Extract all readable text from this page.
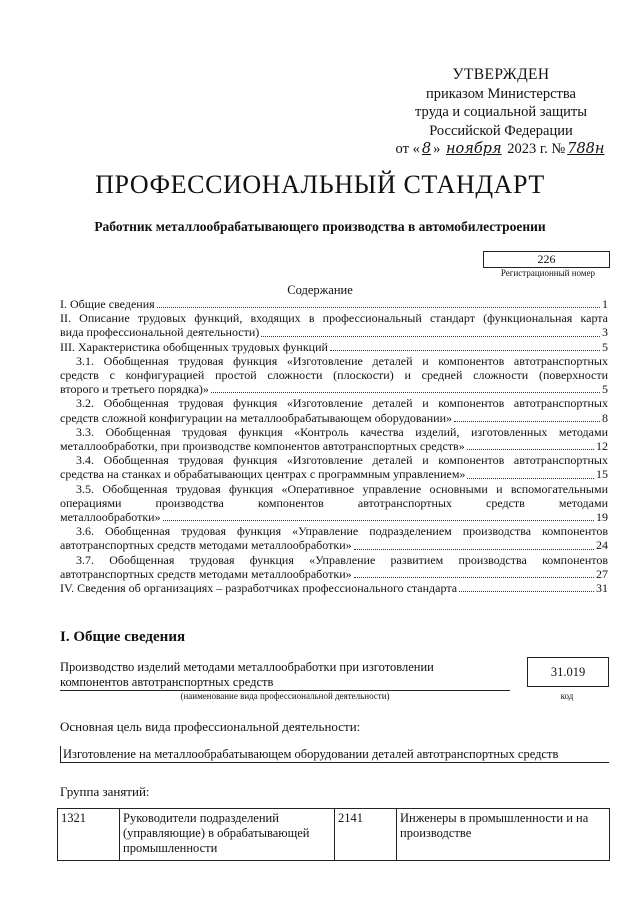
УТВЕРЖДЕН
приказом Министерства
труда и социальной защиты
Российской Федерации
от « 8 » ноября 2023 г. № 788н
ПРОФЕССИОНАЛЬНЫЙ СТАНДАРТ
Работник металлообрабатывающего производства в автомобилестроении
226
Регистрационный номер
Содержание
I. Общие сведения	1
II. Описание трудовых функций, входящих в профессиональный стандарт (функциональная карта
вида профессиональной деятельности)	3
III. Характеристика обобщенных трудовых функций	5
3.1. Обобщенная трудовая функция «Изготовление деталей и компонентов автотранспортных
средств с конфигурацией простой сложности (плоскости) и средней сложности (поверхности
второго и третьего порядка)»	5
3.2. Обобщенная трудовая функция «Изготовление деталей и компонентов автотранспортных
средств сложной конфигурации на металлообрабатывающем оборудовании»	8
3.3. Обобщенная трудовая функция «Контроль качества изделий, изготовленных методами
металлообработки, при производстве компонентов автотранспортных средств»	12
3.4. Обобщенная трудовая функция «Изготовление деталей и компонентов автотранспортных
средства на станках и обрабатывающих центрах с программным управлением»	15
3.5. Обобщенная трудовая функция «Оперативное управление основными и вспомогательными
операциями производства компонентов автотранспортных средств методами
металлообработки»	19
3.6. Обобщенная трудовая функция «Управление подразделением производства компонентов
автотранспортных средств методами металлообработки»	24
3.7. Обобщенная трудовая функция «Управление развитием производства компонентов
автотранспортных средств методами металлообработки»	27
IV. Сведения об организациях – разработчиках профессионального стандарта	31
I. Общие сведения
Производство изделий методами металлообработки при изготовлении
компонентов автотранспортных средств
31.019
(наименование вида профессиональной деятельности)	код
Основная цель вида профессиональной деятельности:
Изготовление на металлообрабатывающем оборудовании деталей автотранспортных средств
Группа занятий:
1321	Руководители подразделений (управляющие) в обрабатывающей промышленности	2141	Инженеры в промышленности и на производстве
